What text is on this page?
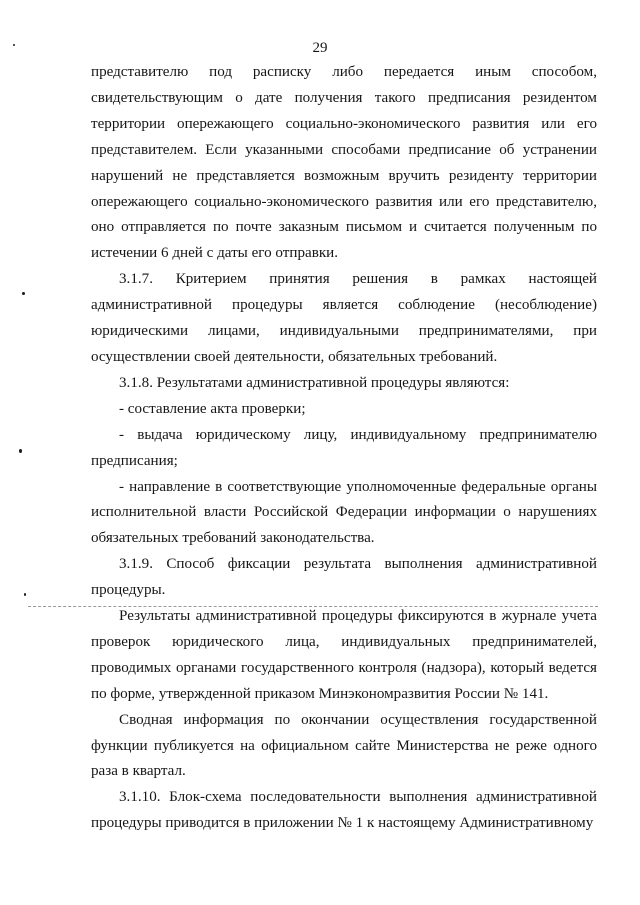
29

представителю под расписку либо передается иным способом, свидетельствующим о дате получения такого предписания резидентом территории опережающего социально-экономического развития или его представителем. Если указанными способами предписание об устранении нарушений не представляется возможным вручить резиденту территории опережающего социально-экономического развития или его представителю, оно отправляется по почте заказным письмом и считается полученным по истечении 6 дней с даты его отправки.

3.1.7. Критерием принятия решения в рамках настоящей административной процедуры является соблюдение (несоблюдение) юридическими лицами, индивидуальными предпринимателями, при осуществлении своей деятельности, обязательных требований.

3.1.8. Результатами административной процедуры являются:

- составление акта проверки;

- выдача юридическому лицу, индивидуальному предпринимателю предписания;

- направление в соответствующие уполномоченные федеральные органы исполнительной власти Российской Федерации информации о нарушениях обязательных требований законодательства.

3.1.9. Способ фиксации результата выполнения административной процедуры.

Результаты административной процедуры фиксируются в журнале учета проверок юридического лица, индивидуальных предпринимателей, проводимых органами государственного контроля (надзора), который ведется по форме, утвержденной приказом Минэкономразвития России № 141.

Сводная информация по окончании осуществления государственной функции публикуется на официальном сайте Министерства не реже одного раза в квартал.

3.1.10. Блок-схема последовательности выполнения административной процедуры приводится в приложении № 1 к настоящему Административному
